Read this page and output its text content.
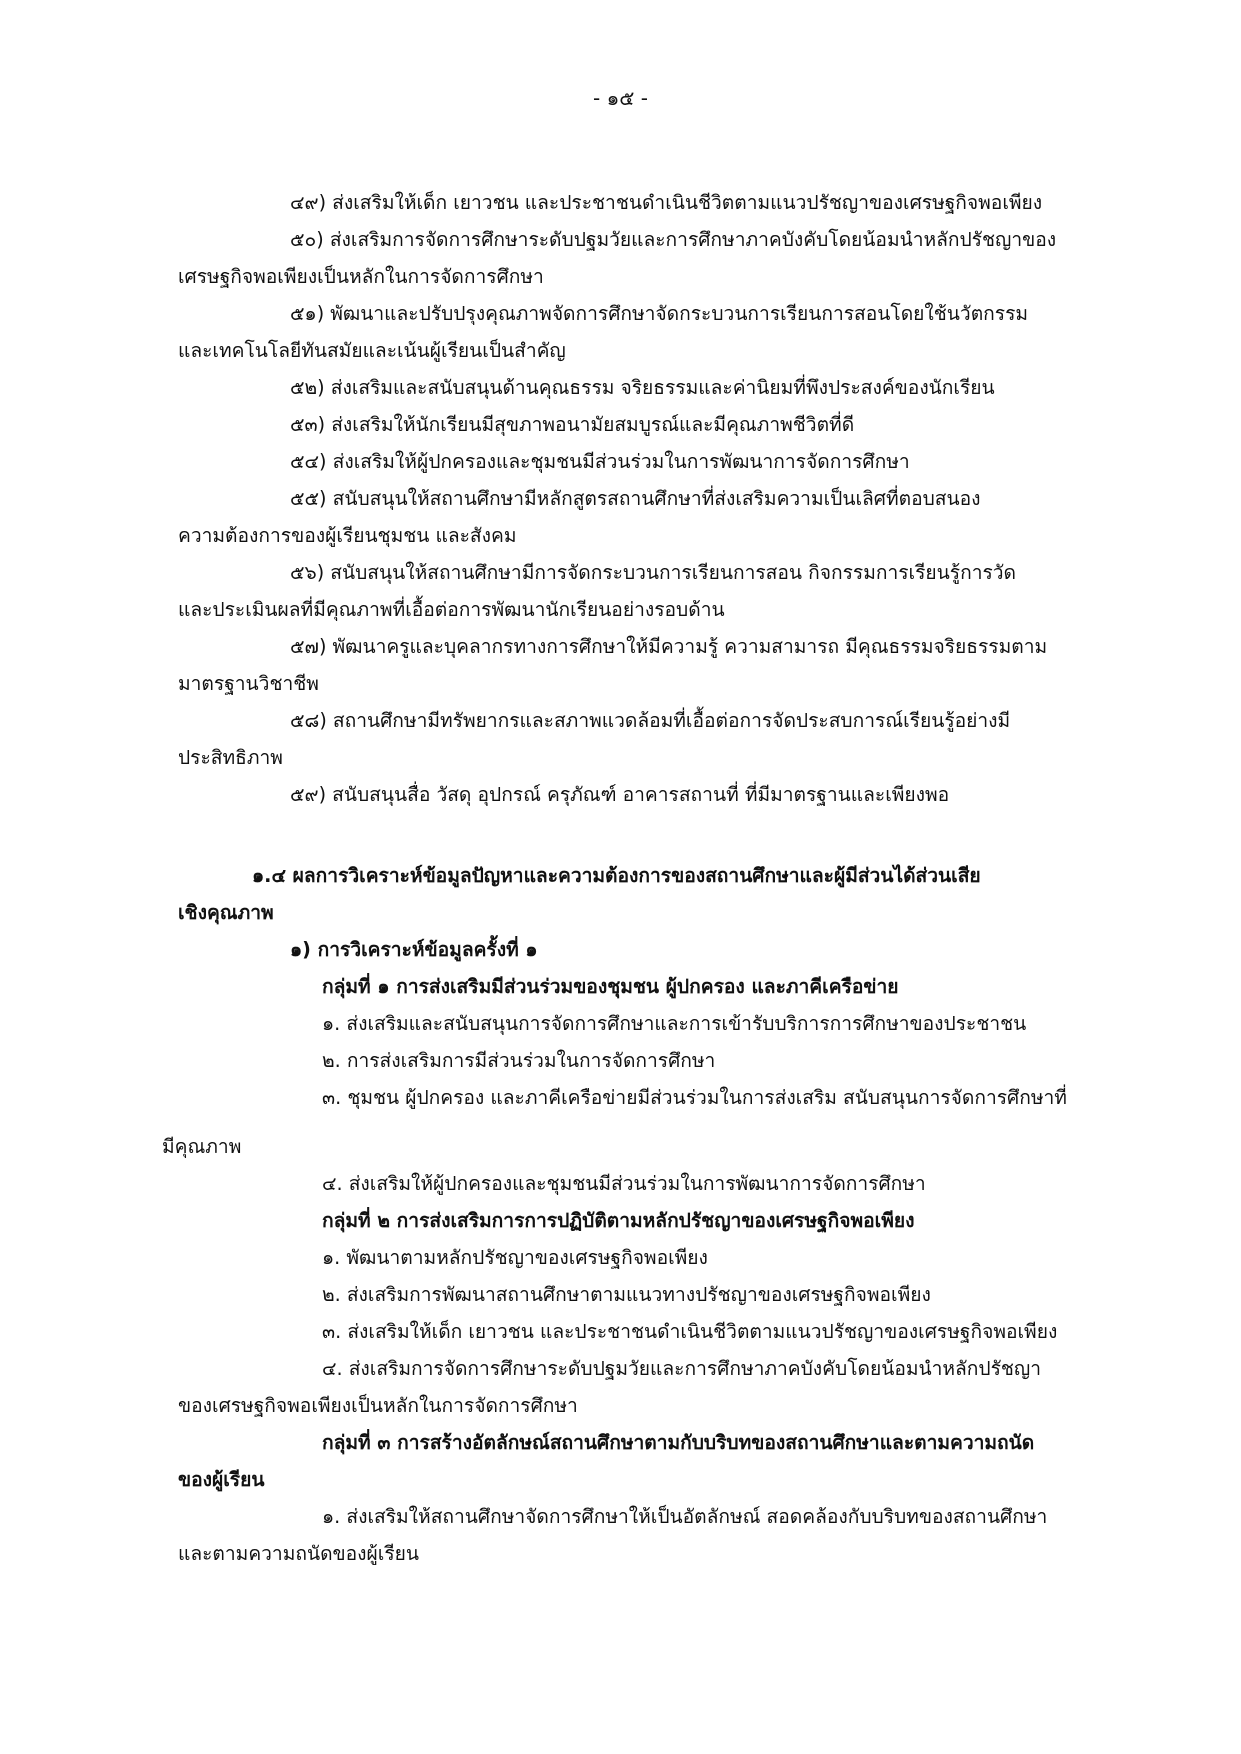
- ๑๕ -

๔๙) ส่งเสริมให้เด็ก เยาวชน และประชาชนดำเนินชีวิตตามแนวปรัชญาของเศรษฐกิจพอเพียง

๕๐) ส่งเสริมการจัดการศึกษาระดับปฐมวัยและการศึกษาภาคบังคับโดยน้อมนำหลักปรัชญาของ

เศรษฐกิจพอเพียงเป็นหลักในการจัดการศึกษา

๕๑) พัฒนาและปรับปรุงคุณภาพจัดการศึกษาจัดกระบวนการเรียนการสอนโดยใช้นวัตกรรม

และเทคโนโลยีทันสมัยและเน้นผู้เรียนเป็นสำคัญ

๕๒) ส่งเสริมและสนับสนุนด้านคุณธรรม จริยธรรมและค่านิยมที่พึงประสงค์ของนักเรียน

๕๓) ส่งเสริมให้นักเรียนมีสุขภาพอนามัยสมบูรณ์และมีคุณภาพชีวิตที่ดี

๕๔) ส่งเสริมให้ผู้ปกครองและชุมชนมีส่วนร่วมในการพัฒนาการจัดการศึกษา

๕๕) สนับสนุนให้สถานศึกษามีหลักสูตรสถานศึกษาที่ส่งเสริมความเป็นเลิศที่ตอบสนอง

ความต้องการของผู้เรียนชุมชน และสังคม

๕๖) สนับสนุนให้สถานศึกษามีการจัดกระบวนการเรียนการสอน กิจกรรมการเรียนรู้การวัด

และประเมินผลที่มีคุณภาพที่เอื้อต่อการพัฒนานักเรียนอย่างรอบด้าน

๕๗) พัฒนาครูและบุคลากรทางการศึกษาให้มีความรู้ ความสามารถ มีคุณธรรมจริยธรรมตาม

มาตรฐานวิชาชีพ

๕๘) สถานศึกษามีทรัพยากรและสภาพแวดล้อมที่เอื้อต่อการจัดประสบการณ์เรียนรู้อย่างมี

ประสิทธิภาพ

๕๙) สนับสนุนสื่อ วัสดุ อุปกรณ์ ครุภัณฑ์ อาคารสถานที่ ที่มีมาตรฐานและเพียงพอ

๑.๔ ผลการวิเคราะห์ข้อมูลปัญหาและความต้องการของสถานศึกษาและผู้มีส่วนได้ส่วนเสีย

เชิงคุณภาพ

๑) การวิเคราะห์ข้อมูลครั้งที่ ๑

กลุ่มที่ ๑ การส่งเสริมมีส่วนร่วมของชุมชน ผู้ปกครอง และภาคีเครือข่าย

๑. ส่งเสริมและสนับสนุนการจัดการศึกษาและการเข้ารับบริการการศึกษาของประชาชน

๒. การส่งเสริมการมีส่วนร่วมในการจัดการศึกษา

๓. ชุมชน ผู้ปกครอง และภาคีเครือข่ายมีส่วนร่วมในการส่งเสริม สนับสนุนการจัดการศึกษาที่

มีคุณภาพ

๔. ส่งเสริมให้ผู้ปกครองและชุมชนมีส่วนร่วมในการพัฒนาการจัดการศึกษา

กลุ่มที่ ๒ การส่งเสริมการการปฏิบัติตามหลักปรัชญาของเศรษฐกิจพอเพียง

๑. พัฒนาตามหลักปรัชญาของเศรษฐกิจพอเพียง

๒. ส่งเสริมการพัฒนาสถานศึกษาตามแนวทางปรัชญาของเศรษฐกิจพอเพียง

๓. ส่งเสริมให้เด็ก เยาวชน และประชาชนดำเนินชีวิตตามแนวปรัชญาของเศรษฐกิจพอเพียง

๔. ส่งเสริมการจัดการศึกษาระดับปฐมวัยและการศึกษาภาคบังคับโดยน้อมนำหลักปรัชญา

ของเศรษฐกิจพอเพียงเป็นหลักในการจัดการศึกษา

กลุ่มที่ ๓ การสร้างอัตลักษณ์สถานศึกษาตามกับบริบทของสถานศึกษาและตามความถนัด

ของผู้เรียน

๑. ส่งเสริมให้สถานศึกษาจัดการศึกษาให้เป็นอัตลักษณ์ สอดคล้องกับบริบทของสถานศึกษา

และตามความถนัดของผู้เรียน
